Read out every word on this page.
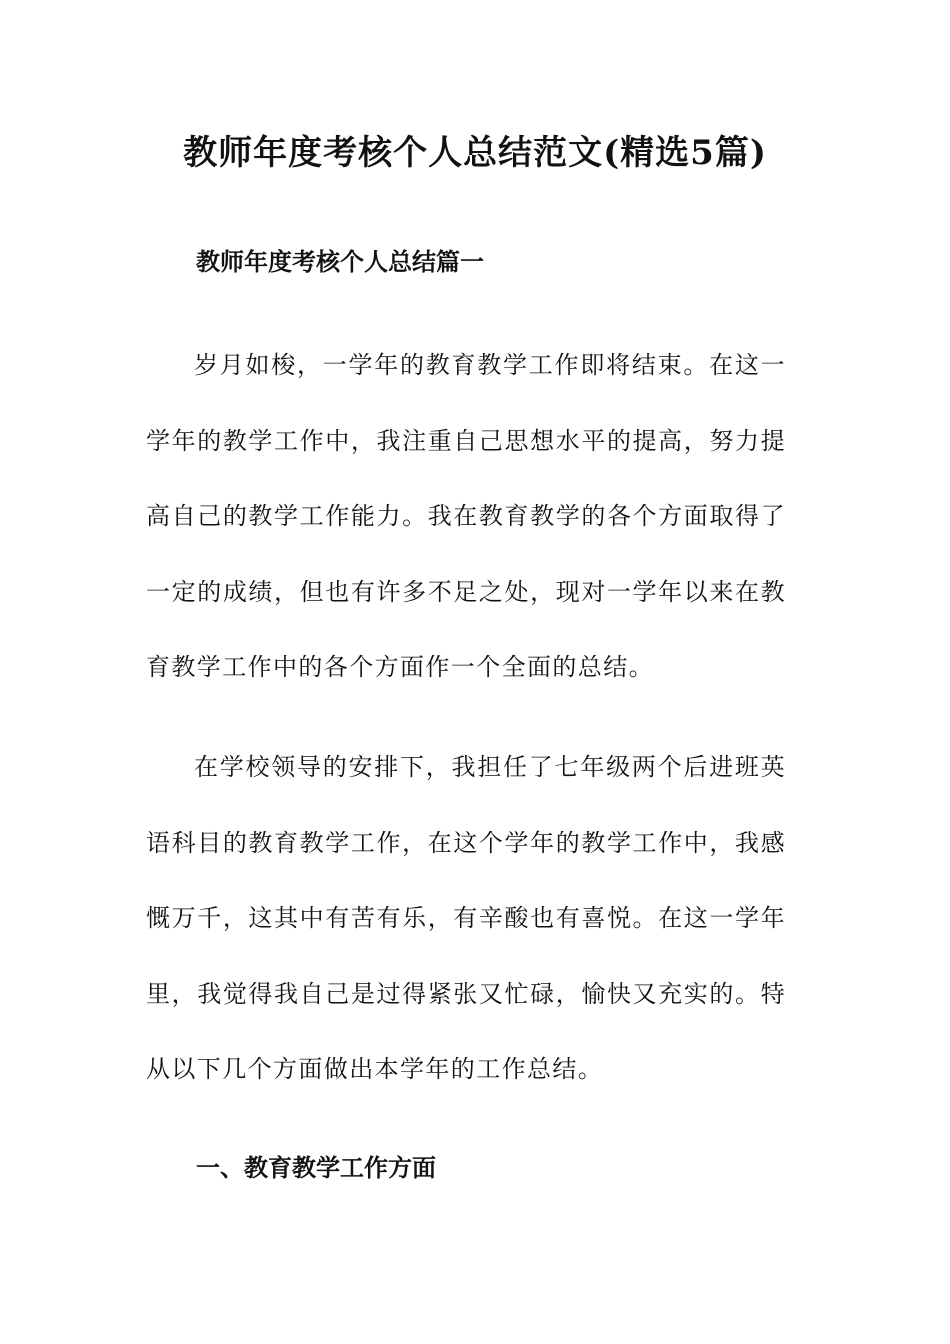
教师年度考核个人总结范文(精选5篇)
教师年度考核个人总结篇一

岁月如梭，一学年的教育教学工作即将结束。在这一学年的教学工作中，我注重自己思想水平的提高，努力提高自己的教学工作能力。我在教育教学的各个方面取得了一定的成绩，但也有许多不足之处，现对一学年以来在教育教学工作中的各个方面作一个全面的总结。

在学校领导的安排下，我担任了七年级两个后进班英语科目的教育教学工作，在这个学年的教学工作中，我感慨万千，这其中有苦有乐，有辛酸也有喜悦。在这一学年里，我觉得我自己是过得紧张又忙碌，愉快又充实的。特从以下几个方面做出本学年的工作总结。

一、教育教学工作方面
